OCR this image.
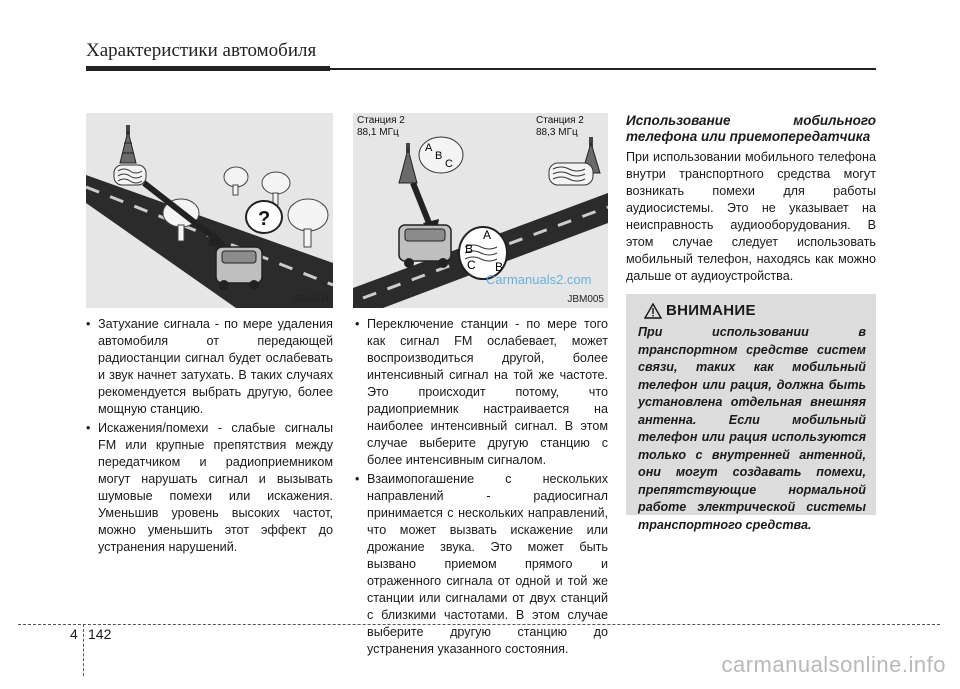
Характеристики автомобиля
?
JBM004
A
B
C
A
B
C B
Станция 2
88,1 МГц
Станция 2
88,3 МГц
JBM005
Carmanuals2.com
• Затухание сигнала - по мере удаления автомобиля от передающей радиостанции сигнал будет ослабевать и звук начнет затухать. В таких случаях рекомендуется выбрать другую, более мощную станцию.
• Искажения/помехи - слабые сигналы FM или крупные препятствия между передатчиком и радиоприемником могут нарушать сигнал и вызывать шумовые помехи или искажения. Уменьшив уровень высоких частот, можно уменьшить этот эффект до устранения нарушений.
• Переключение станции - по мере того как сигнал FM ослабевает, может воспроизводиться другой, более интенсивный сигнал на той же частоте. Это происходит потому, что радиоприемник настраивается на наиболее интенсивный сигнал. В этом случае выберите другую станцию с более интенсивным сигналом.
• Взаимопогашение с нескольких направлений - радиосигнал принимается с нескольких направлений, что может вызвать искажение или дрожание звука. Это может быть вызвано приемом прямого и отраженного сигнала от одной и той же станции или сигналами от двух станций с близкими частотами. В этом случае выберите другую станцию до устранения указанного состояния.
Использование мобильного телефона или приемопередатчика

При использовании мобильного телефона внутри транспортного средства могут возникать помехи для работы аудиосистемы. Это не указывает на неисправность аудиооборудования. В этом случае следует использовать мобильный телефон, находясь как можно дальше от аудиоустройства.

ВНИМАНИЕ
При использовании в транспортном средстве систем связи, таких как мобильный телефон или рация, должна быть установлена отдельная внешняя антенна. Если мобильный телефон или рация используются только с внутренней антенной, они могут создавать помехи, препятствующие нормальной работе электрической системы транспортного средства.
4 142
carmanualsonline.info
